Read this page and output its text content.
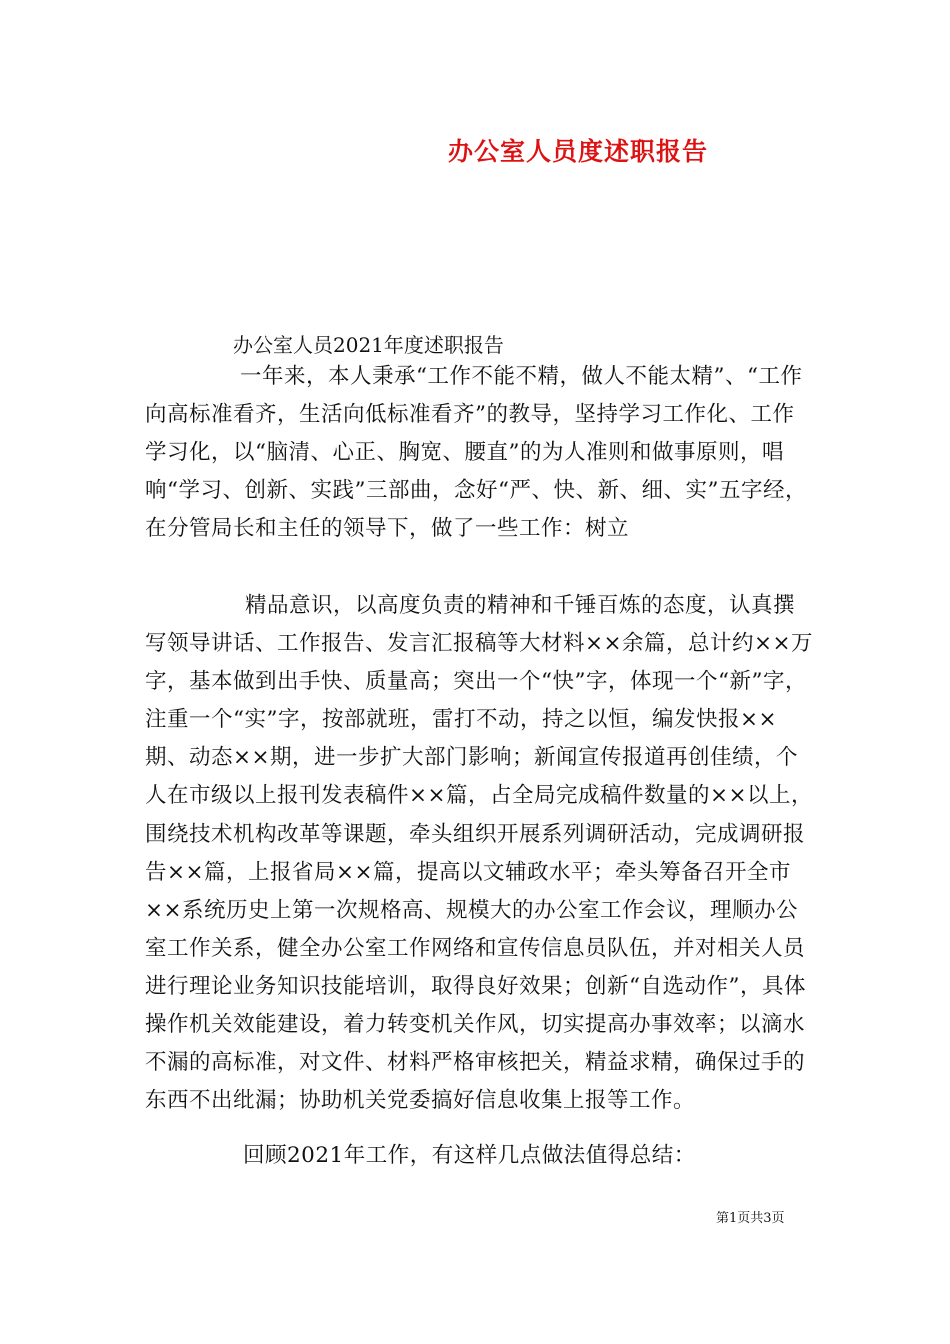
办公室人员度述职报告

办公室人员2021年度述职报告

一年来，本人秉承“工作不能不精，做人不能太精”、“工作向高标准看齐，生活向低标准看齐”的教导，坚持学习工作化、工作学习化，以“脑清、心正、胸宽、腰直”的为人准则和做事原则，唱响“学习、创新、实践”三部曲，念好“严、快、新、细、实”五字经，在分管局长和主任的领导下，做了一些工作：树立

精品意识，以高度负责的精神和千锤百炼的态度，认真撰写领导讲话、工作报告、发言汇报稿等大材料××余篇，总计约××万字，基本做到出手快、质量高；突出一个“快”字，体现一个“新”字，注重一个“实”字，按部就班，雷打不动，持之以恒，编发快报××期、动态××期，进一步扩大部门影响；新闻宣传报道再创佳绩，个人在市级以上报刊发表稿件××篇，占全局完成稿件数量的××以上，围绕技术机构改革等课题，牵头组织开展系列调研活动，完成调研报告××篇，上报省局××篇，提高以文辅政水平；牵头筹备召开全市××系统历史上第一次规格高、规模大的办公室工作会议，理顺办公室工作关系，健全办公室工作网络和宣传信息员队伍，并对相关人员进行理论业务知识技能培训，取得良好效果；创新“自选动作”，具体操作机关效能建设，着力转变机关作风，切实提高办事效率；以滴水不漏的高标准，对文件、材料严格审核把关，精益求精，确保过手的东西不出纰漏；协助机关党委搞好信息收集上报等工作。

回顾2021年工作，有这样几点做法值得总结：

第1页共3页
